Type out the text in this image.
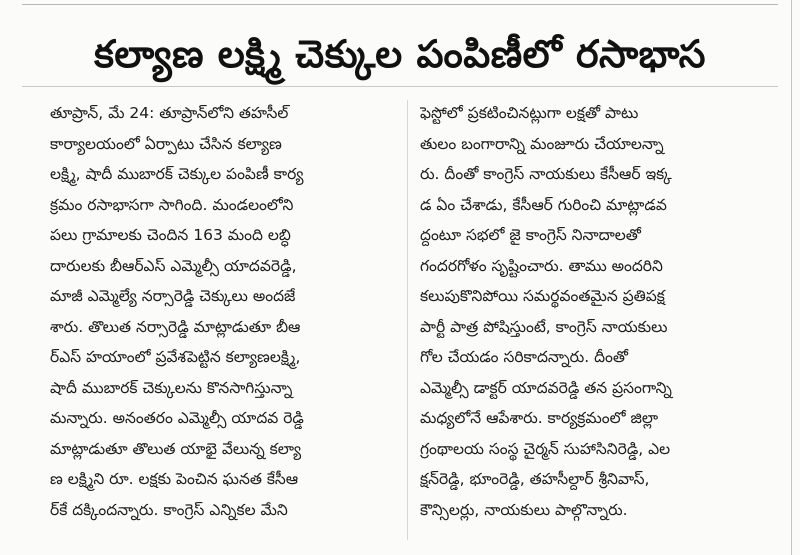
కల్యాణ లక్ష్మి చెక్కుల పంపిణీలో రసాభాస
తూప్రాన్, మే 24: తూప్రాన్‌లోని తహసీల్
కార్యాలయంలో ఏర్పాటు చేసిన కల్యాణ
లక్ష్మి, షాదీ ముబారక్ చెక్కుల పంపిణీ కార్య
క్రమం రసాభాసగా సాగింది. మండలంలోని
పలు గ్రామాలకు చెందిన 163 మంది లబ్ధి
దారులకు బీఆర్ఎస్ ఎమ్మెల్సీ యాదవరెడ్డి,
మాజీ ఎమ్మెల్యే నర్సారెడ్డి చెక్కులు అందజే
శారు. తొలుత నర్సారెడ్డి మాట్లాడుతూ బీఆ
ర్ఎస్ హయాంలో ప్రవేశపెట్టిన కల్యాణలక్ష్మి,
షాదీ ముబారక్ చెక్కులను కొనసాగిస్తున్నా
మన్నారు. అనంతరం ఎమ్మెల్సీ యాదవ రెడ్డి
మాట్లాడుతూ తొలుత యాభై వేలున్న కల్యా
ణ లక్ష్మిని రూ. లక్షకు పెంచిన ఘనత కేసీఆ
ర్‌కే దక్కిందన్నారు. కాంగ్రెస్ ఎన్నికల మేని
ఫెస్టోలో ప్రకటించినట్లుగా లక్షతో పాటు
తులం బంగారాన్ని మంజూరు చేయాలన్నా
రు. దీంతో కాంగ్రెస్ నాయకులు కేసీఆర్ ఇక్క
డ ఏం చేశాడు, కేసీఆర్ గురించి మాట్లాడవ
ద్దంటూ సభలో జై కాంగ్రెస్ నినాదాలతో
గందరగోళం సృష్టించారు. తాము అందరిని
కలుపుకొనిపోయి సమర్థవంతమైన ప్రతిపక్ష
పార్టీ పాత్ర పోషిస్తుంటే, కాంగ్రెస్ నాయకులు
గోల చేయడం సరికాదన్నారు. దీంతో
ఎమ్మెల్సీ డాక్టర్ యాదవరెడ్డి తన ప్రసంగాన్ని
మధ్యలోనే ఆపేశారు. కార్యక్రమంలో జిల్లా
గ్రంథాలయ సంస్థ చైర్మన్ సుహాసినిరెడ్డి, ఎల
క్షన్‌రెడ్డి, భూంరెడ్డి, తహసీల్దార్ శ్రీనివాస్,
కౌన్సిలర్లు, నాయకులు పాల్గొన్నారు.
